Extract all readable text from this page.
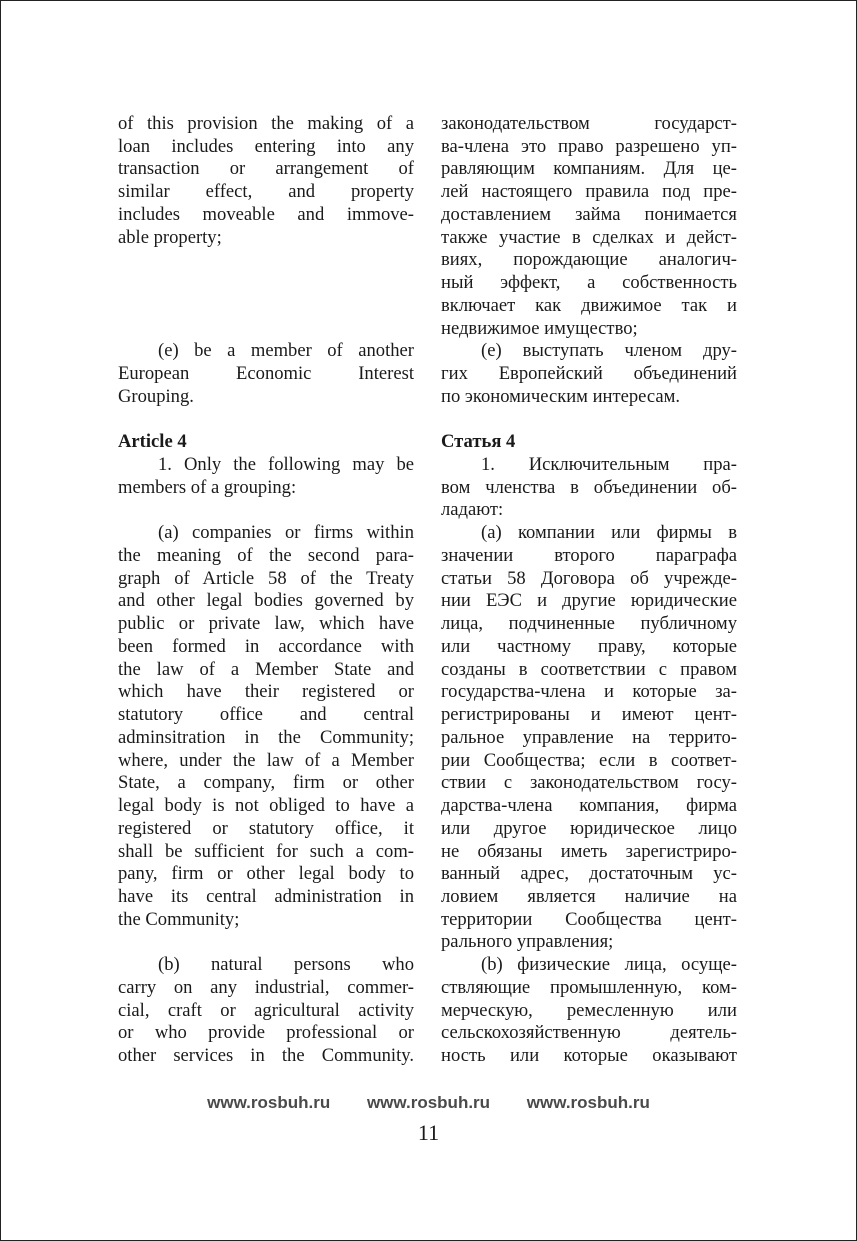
of this provision the making of a
loan includes entering into any
transaction or arrangement of
similar effect, and property
includes moveable and immove-
able property;
(e) be a member of another
European Economic Interest
Grouping.
Article 4
1. Only the following may be
members of a grouping:
(a) companies or firms within
the meaning of the second para-
graph of Article 58 of the Treaty
and other legal bodies governed by
public or private law, which have
been formed in accordance with
the law of a Member State and
which have their registered or
statutory office and central
adminsitration in the Community;
where, under the law of a Member
State, a company, firm or other
legal body is not obliged to have a
registered or statutory office, it
shall be sufficient for such a com-
pany, firm or other legal body to
have its central administration in
the Community;
(b) natural persons who
carry on any industrial, commer-
cial, craft or agricultural activity
or who provide professional or
other services in the Community.
законодательством государст-
ва-члена это право разрешено уп-
равляющим компаниям. Для це-
лей настоящего правила под пре-
доставлением займа понимается
также участие в сделках и дейст-
виях, порождающие аналогич-
ный эффект, а собственность
включает как движимое так и
недвижимое имущество;
(е) выступать членом дру-
гих Европейский объединений
по экономическим интересам.
Статья 4
1. Исключительным пра-
вом членства в объединении об-
ладают:
(а) компании или фирмы в
значении второго параграфа
статьи 58 Договора об учрежде-
нии ЕЭС и другие юридические
лица, подчиненные публичному
или частному праву, которые
созданы в соответствии с правом
государства-члена и которые за-
регистрированы и имеют цент-
ральное управление на террито-
рии Сообщества; если в соответ-
ствии с законодательством госу-
дарства-члена компания, фирма
или другое юридическое лицо
не обязаны иметь зарегистриро-
ванный адрес, достаточным ус-
ловием является наличие на
территории Сообщества цент-
рального управления;
(b) физические лица, осуще-
ствляющие промышленную, ком-
мерческую, ремесленную или
сельскохозяйственную деятель-
ность или которые оказывают
www.rosbuh.ru www.rosbuh.ru www.rosbuh.ru
11
